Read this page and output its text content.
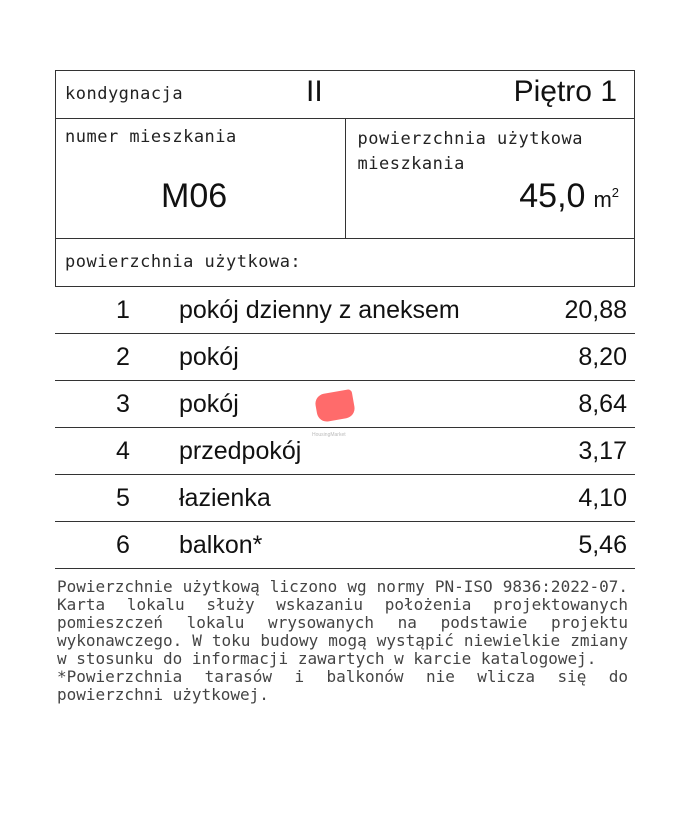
kondygnacja	II	Piętro 1

numer mieszkania
M06

powierzchnia użytkowa
mieszkania
45,0 $m^2$

powierzchnia użytkowa:
1	pokój dzienny z aneksem	20,88
2	pokój	8,20
3	pokój	8,64
4	przedpokój	3,17
5	łazienka	4,10
6	balkon*	5,46

Powierzchnie użytkową liczono wg normy PN-ISO 9836:2022-07. Karta lokalu służy wskazaniu położenia projektowanych pomieszczeń lokalu wrysowanych na podstawie projektu wykonawczego. W toku budowy mogą wystąpić niewielkie zmiany w stosunku do informacji zawartych w karcie katalogowej.

*Powierzchnia tarasów i balkonów nie wlicza się do powierzchni użytkowej.

HousingMarket
